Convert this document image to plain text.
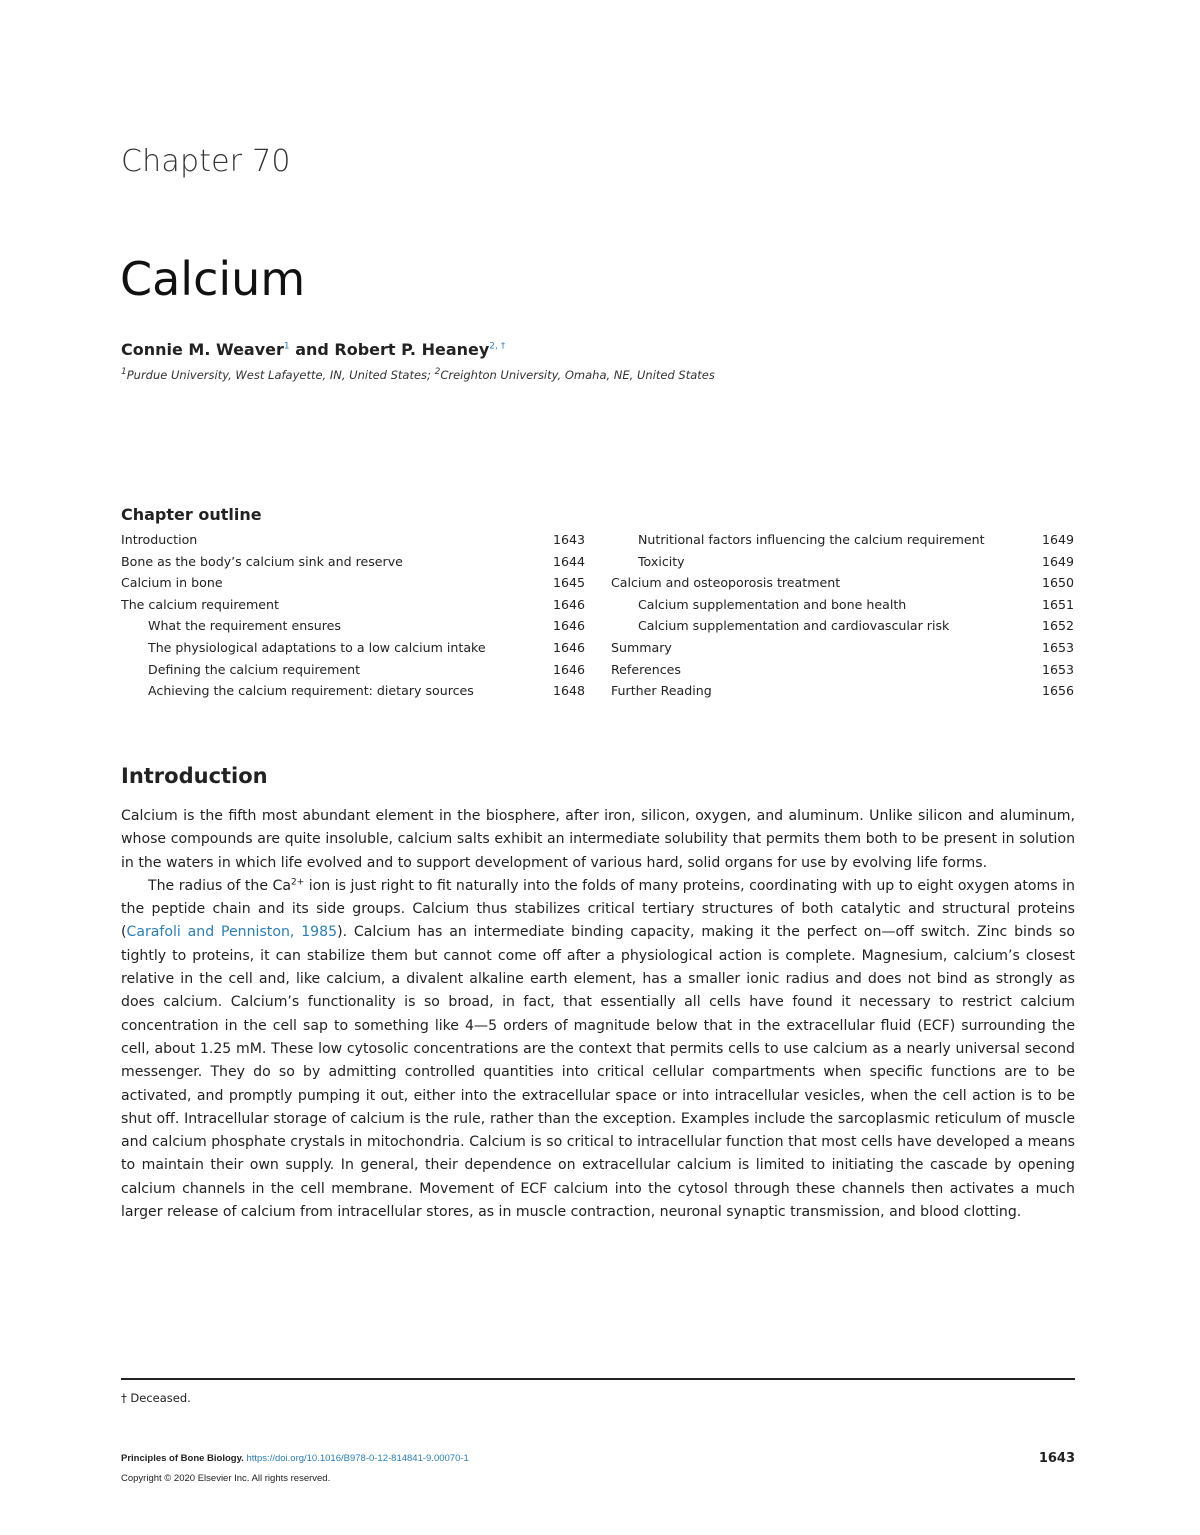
Chapter 70
Calcium
Connie M. Weaver$^1$ and Robert P. Heaney$^{2, \dagger}$
$^1$Purdue University, West Lafayette, IN, United States; $^2$Creighton University, Omaha, NE, United States
Chapter outline
Introduction	1643
Bone as the body’s calcium sink and reserve	1644
Calcium in bone	1645
The calcium requirement	1646
What the requirement ensures	1646
The physiological adaptations to a low calcium intake	1646
Defining the calcium requirement	1646
Achieving the calcium requirement: dietary sources	1648
Nutritional factors influencing the calcium requirement	1649
Toxicity	1649
Calcium and osteoporosis treatment	1650
Calcium supplementation and bone health	1651
Calcium supplementation and cardiovascular risk	1652
Summary	1653
References	1653
Further Reading	1656
Introduction

Calcium is the fifth most abundant element in the biosphere, after iron, silicon, oxygen, and aluminum. Unlike silicon and aluminum, whose compounds are quite insoluble, calcium salts exhibit an intermediate solubility that permits them both to be present in solution in the waters in which life evolved and to support development of various hard, solid organs for use by evolving life forms.

The radius of the $Ca^{2+}$ ion is just right to fit naturally into the folds of many proteins, coordinating with up to eight oxygen atoms in the peptide chain and its side groups. Calcium thus stabilizes critical tertiary structures of both catalytic and structural proteins (Carafoli and Penniston, 1985). Calcium has an intermediate binding capacity, making it the perfect on—off switch. Zinc binds so tightly to proteins, it can stabilize them but cannot come off after a physiological action is complete. Magnesium, calcium’s closest relative in the cell and, like calcium, a divalent alkaline earth element, has a smaller ionic radius and does not bind as strongly as does calcium. Calcium’s functionality is so broad, in fact, that essentially all cells have found it necessary to restrict calcium concentration in the cell sap to something like 4—5 orders of magnitude below that in the extracellular fluid (ECF) surrounding the cell, about 1.25 mM. These low cytosolic concentrations are the context that permits cells to use calcium as a nearly universal second messenger. They do so by admitting controlled quantities into critical cellular compartments when specific functions are to be activated, and promptly pumping it out, either into the extracellular space or into intracellular vesicles, when the cell action is to be shut off. Intracellular storage of calcium is the rule, rather than the exception. Examples include the sarcoplasmic reticulum of muscle and calcium phosphate crystals in mitochondria. Calcium is so critical to intracellular function that most cells have developed a means to maintain their own supply. In general, their dependence on extracellular calcium is limited to initiating the cascade by opening calcium channels in the cell membrane. Movement of ECF calcium into the cytosol through these channels then activates a much larger release of calcium from intracellular stores, as in muscle contraction, neuronal synaptic transmission, and blood clotting.

† Deceased.
Principles of Bone Biology. https://doi.org/10.1016/B978-0-12-814841-9.00070-1
Copyright © 2020 Elsevier Inc. All rights reserved.
1643
